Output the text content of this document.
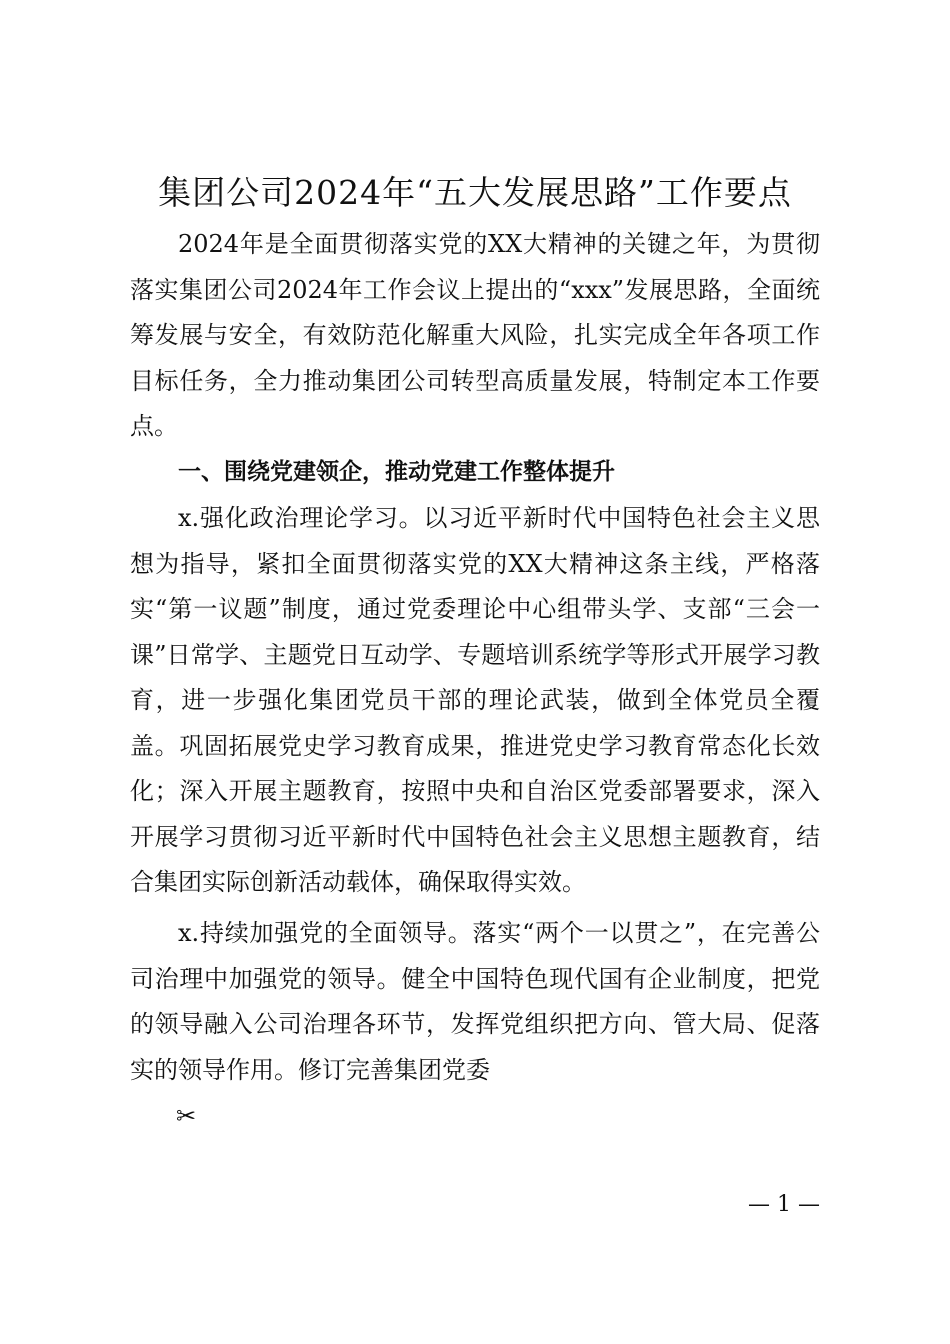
集团公司2024年“五大发展思路”工作要点

2024年是全面贯彻落实党的XX大精神的关键之年，为贯彻落实集团公司2024年工作会议上提出的“xxx”发展思路，全面统筹发展与安全，有效防范化解重大风险，扎实完成全年各项工作目标任务，全力推动集团公司转型高质量发展，特制定本工作要点。

一、围绕党建领企，推动党建工作整体提升

x.强化政治理论学习。以习近平新时代中国特色社会主义思想为指导，紧扣全面贯彻落实党的XX大精神这条主线，严格落实“第一议题”制度，通过党委理论中心组带头学、支部“三会一课”日常学、主题党日互动学、专题培训系统学等形式开展学习教育，进一步强化集团党员干部的理论武装，做到全体党员全覆盖。巩固拓展党史学习教育成果，推进党史学习教育常态化长效化；深入开展主题教育，按照中央和自治区党委部署要求，深入开展学习贯彻习近平新时代中国特色社会主义思想主题教育，结合集团实际创新活动载体，确保取得实效。

x.持续加强党的全面领导。落实“两个一以贯之”，在完善公司治理中加强党的领导。健全中国特色现代国有企业制度，把党的领导融入公司治理各环节，发挥党组织把方向、管大局、促落实的领导作用。修订完善集团党委

✂
— 1 —
